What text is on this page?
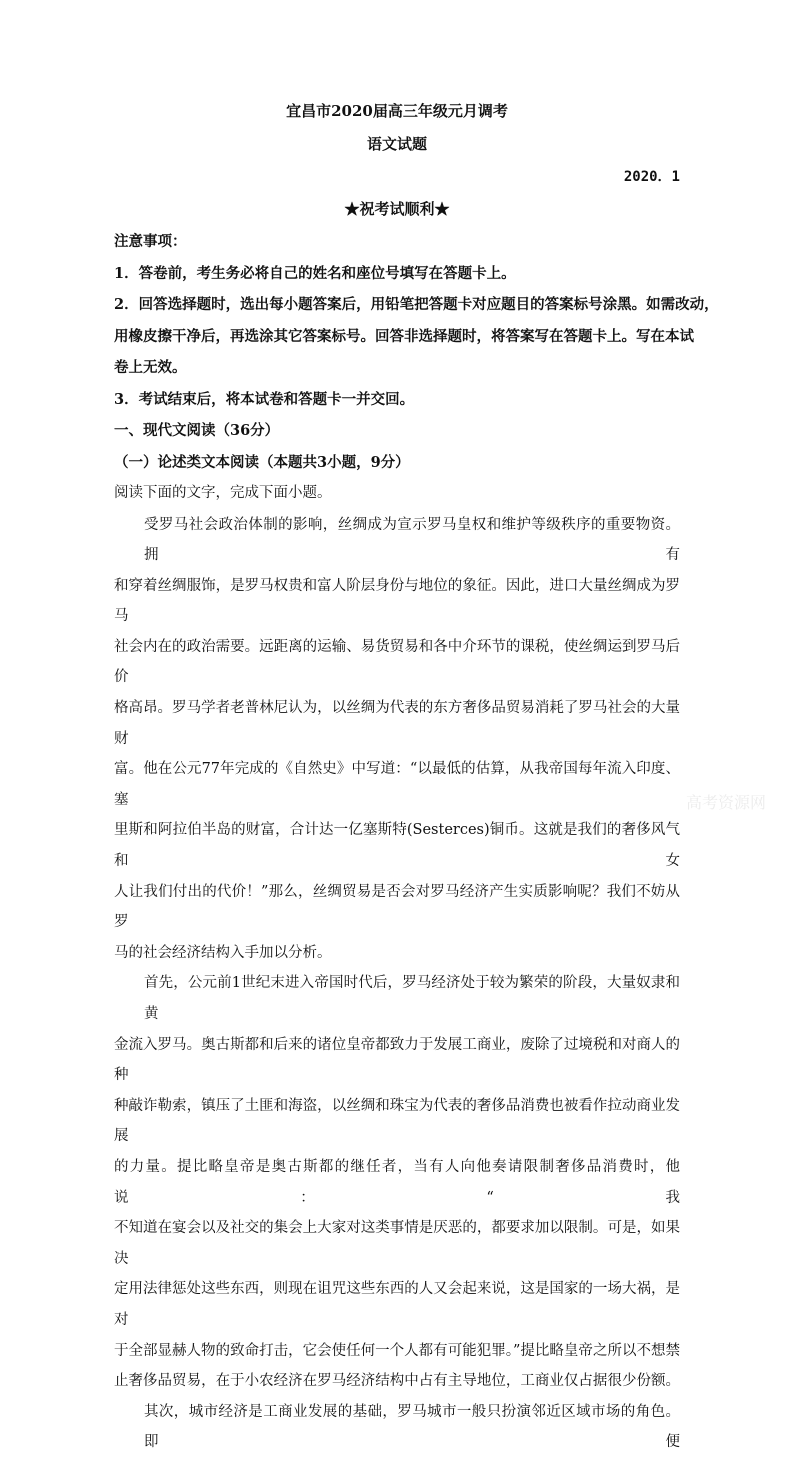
宜昌市2020届高三年级元月调考
语文试题
2020．1
★祝考试顺利★
注意事项：
1．答卷前，考生务必将自己的姓名和座位号填写在答题卡上。
2．回答选择题时，选出每小题答案后，用铅笔把答题卡对应题目的答案标号涂黑。如需改动，
用橡皮擦干净后，再选涂其它答案标号。回答非选择题时，将答案写在答题卡上。写在本试
卷上无效。
3．考试结束后，将本试卷和答题卡一并交回。
一、现代文阅读（36分）
（一）论述类文本阅读（本题共3小题，9分）
阅读下面的文字，完成下面小题。
受罗马社会政治体制的影响，丝绸成为宣示罗马皇权和维护等级秩序的重要物资。拥有
和穿着丝绸服饰，是罗马权贵和富人阶层身份与地位的象征。因此，进口大量丝绸成为罗马
社会内在的政治需要。远距离的运输、易货贸易和各中介环节的课税，使丝绸运到罗马后价
格高昂。罗马学者老普林尼认为，以丝绸为代表的东方奢侈品贸易消耗了罗马社会的大量财
富。他在公元77年完成的《自然史》中写道：“以最低的估算，从我帝国每年流入印度、塞
里斯和阿拉伯半岛的财富，合计达一亿塞斯特(Sesterces)铜币。这就是我们的奢侈风气和女
人让我们付出的代价！”那么，丝绸贸易是否会对罗马经济产生实质影响呢？我们不妨从罗
马的社会经济结构入手加以分析。
首先，公元前1世纪末进入帝国时代后，罗马经济处于较为繁荣的阶段，大量奴隶和黄
金流入罗马。奥古斯都和后来的诸位皇帝都致力于发展工商业，废除了过境税和对商人的种
种敲诈勒索，镇压了土匪和海盗，以丝绸和珠宝为代表的奢侈品消费也被看作拉动商业发展
的力量。提比略皇帝是奥古斯都的继任者，当有人向他奏请限制奢侈品消费时，他说：“我
不知道在宴会以及社交的集会上大家对这类事情是厌恶的，都要求加以限制。可是，如果决
定用法律惩处这些东西，则现在诅咒这些东西的人又会起来说，这是国家的一场大祸，是对
于全部显赫人物的致命打击，它会使任何一个人都有可能犯罪。”提比略皇帝之所以不想禁
止奢侈品贸易，在于小农经济在罗马经济结构中占有主导地位，工商业仅占据很少份额。
其次，城市经济是工商业发展的基础，罗马城市一般只扮演邻近区域市场的角色。即便
高考资源网
